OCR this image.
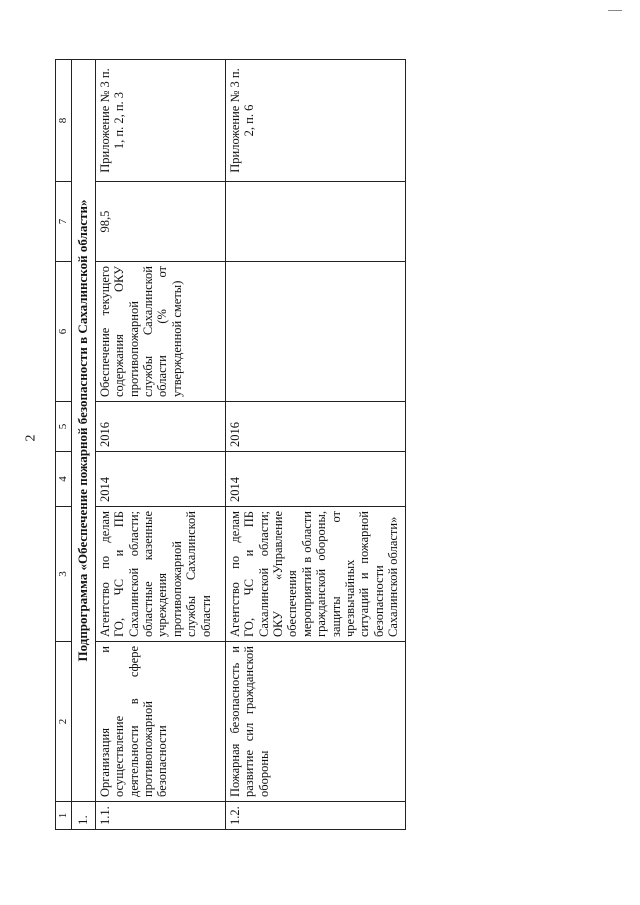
2
1	2	3	4	5	6	7	8
1.	Подпрограмма «Обеспечение пожарной безопасности в Сахалинской области»						
1.1.	Организация и осуществление деятельности в сфере противопожарной безопасности	Агентство по делам ГО, ЧС и ПБ Сахалинской области; областные казенные учреждения противопожарной службы Сахалинской области	2014	2016	Обеспечение текущего содержания ОКУ противопожарной службы Сахалинской области (% от утвержденной сметы)	98,5	Приложение № 3 п. 1, п. 2, п. 3
1.2.	Пожарная безопасность и развитие сил гражданской обороны	Агентство по делам ГО, ЧС и ПБ Сахалинской области; ОКУ «Управление обеспечения мероприятий в области гражданской обороны, защиты от чрезвычайных ситуаций и пожарной безопасности Сахалинской области»	2014	2016			Приложение № 3 п. 2, п. 6
